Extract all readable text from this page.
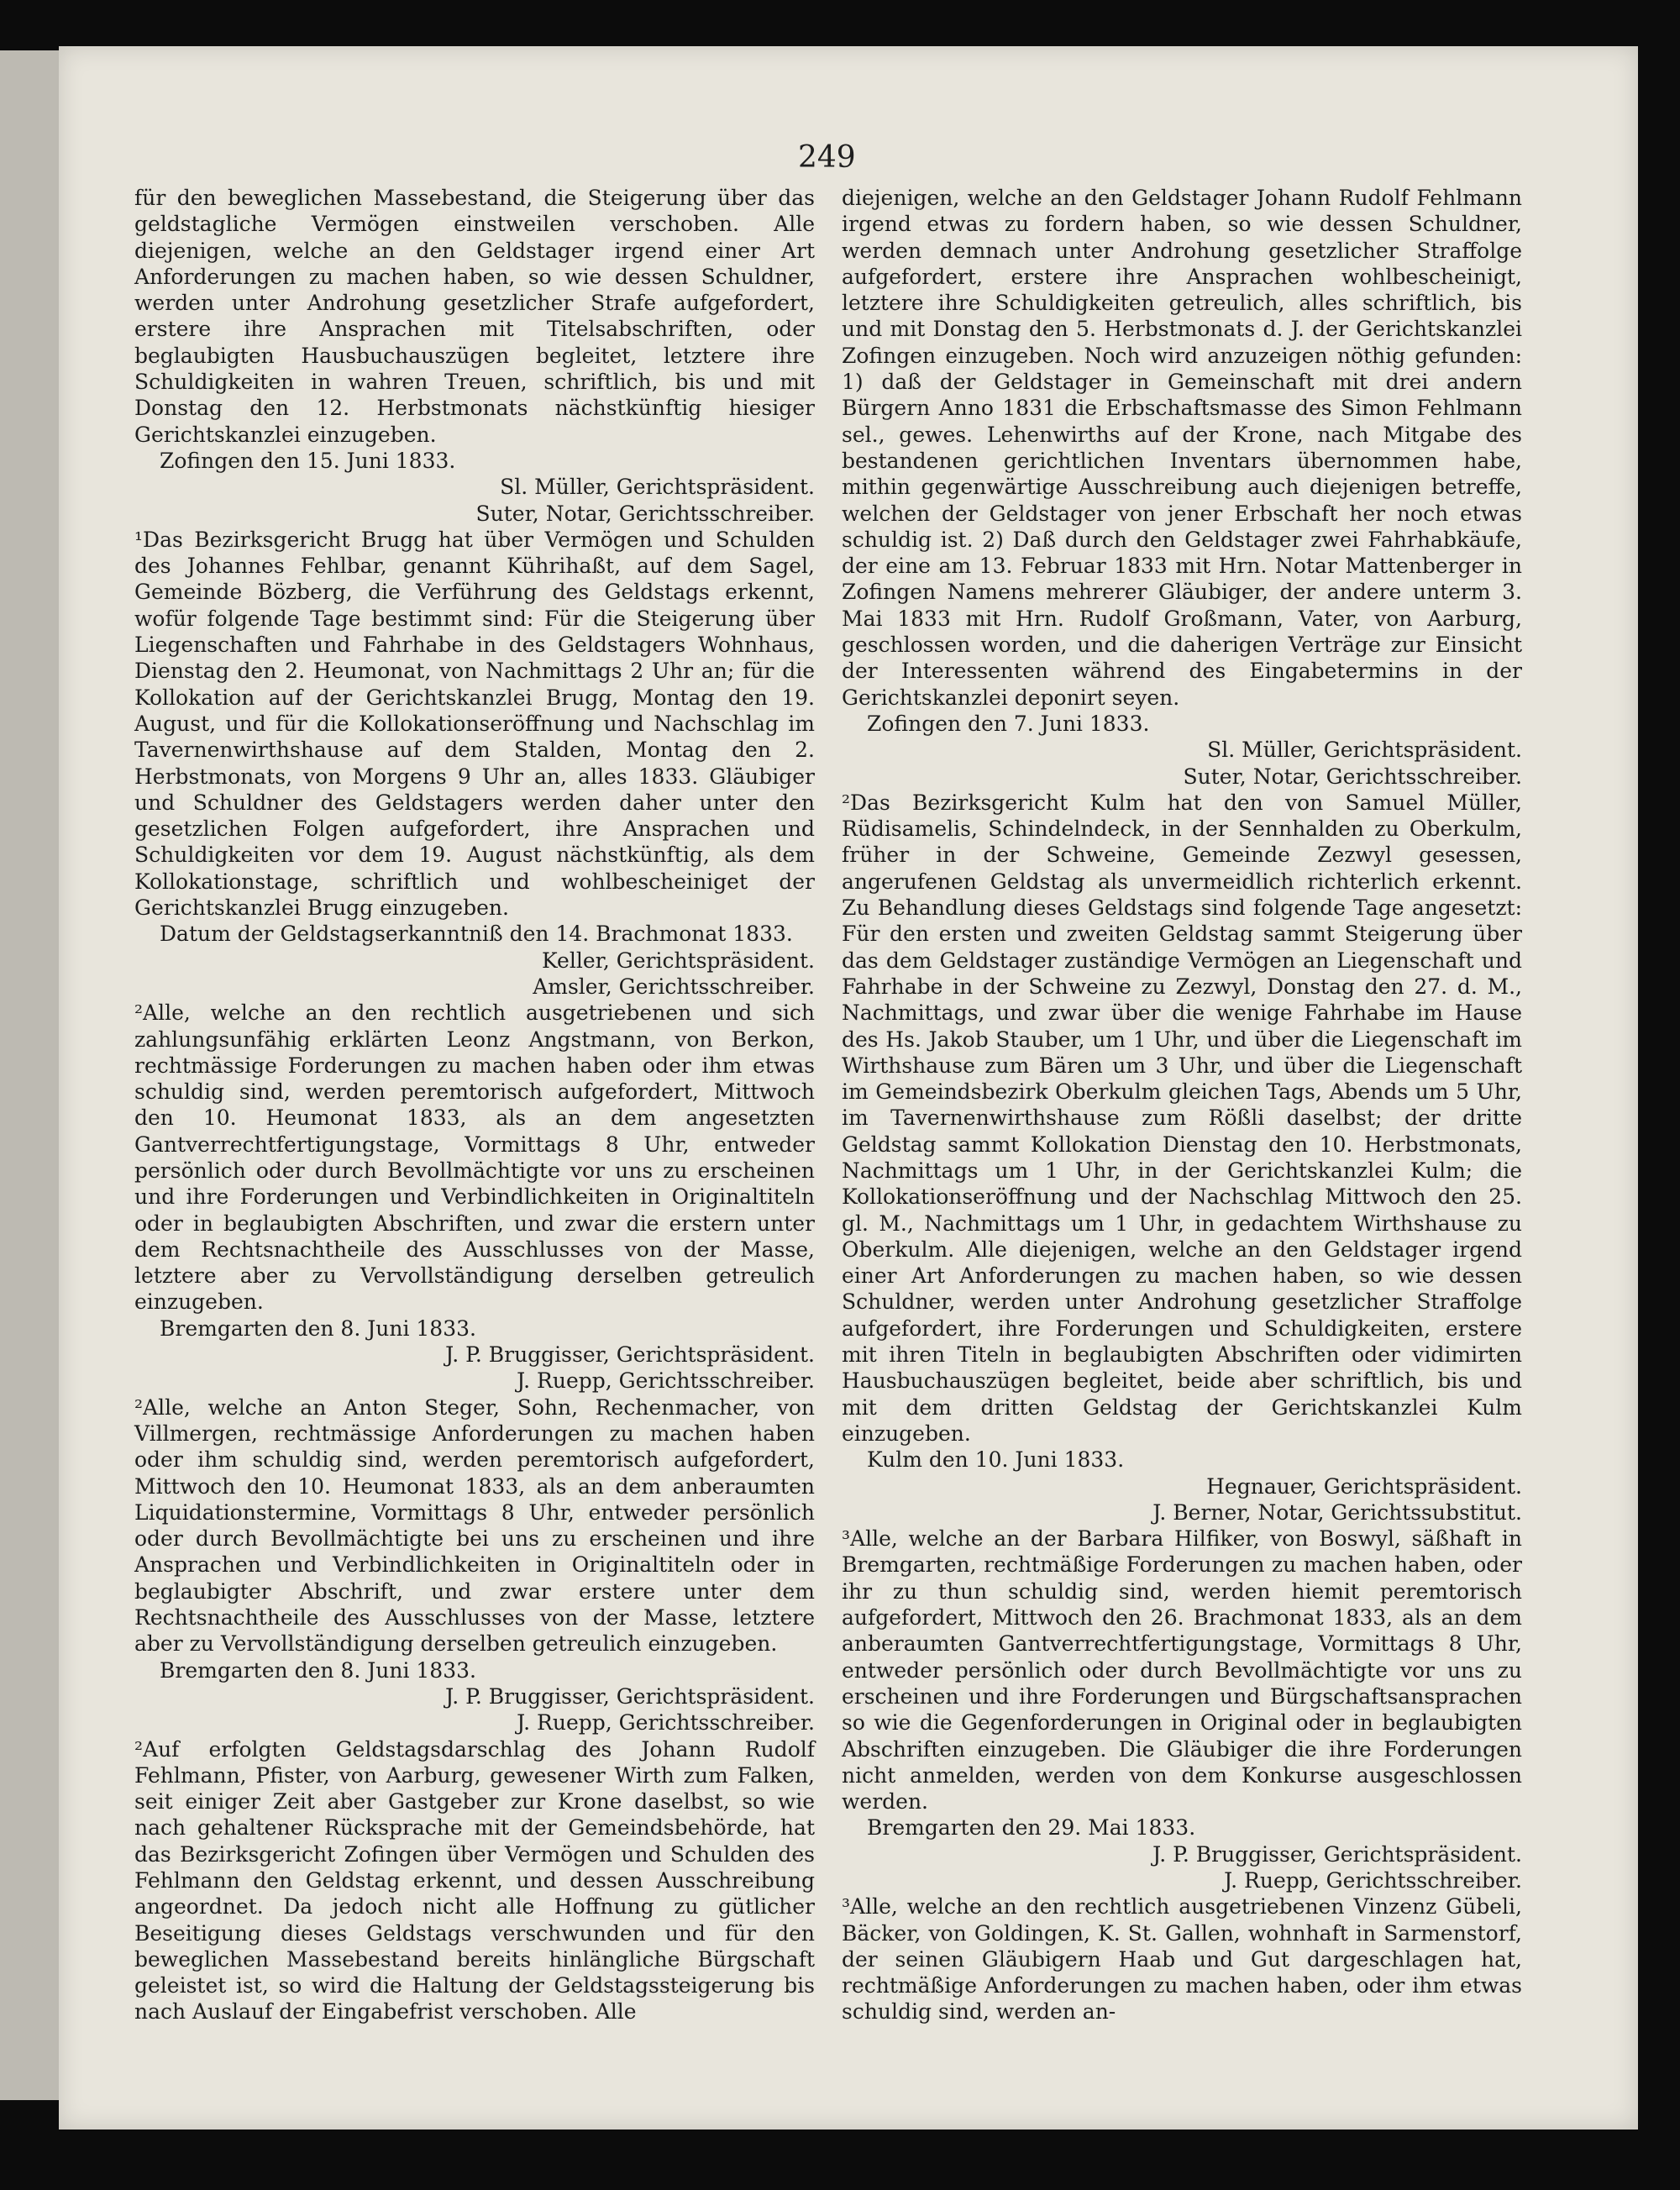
249

für den beweglichen Massebestand, die Steigerung über das geldstagliche Vermögen einstweilen verschoben. Alle diejenigen, welche an den Geldstager irgend einer Art Anforderungen zu machen haben, so wie dessen Schuldner, werden unter Androhung gesetzlicher Strafe aufgefordert, erstere ihre Ansprachen mit Titelsabschriften, oder beglaubigten Hausbuchauszügen begleitet, letztere ihre Schuldigkeiten in wahren Treuen, schriftlich, bis und mit Donstag den 12. Herbstmonats nächstkünftig hiesiger Gerichtskanzlei einzugeben.

Zofingen den 15. Juni 1833.

Sl. Müller, Gerichtspräsident.

Suter, Notar, Gerichtsschreiber.

¹Das Bezirksgericht Brugg hat über Vermögen und Schulden des Johannes Fehlbar, genannt Kührihaßt, auf dem Sagel, Gemeinde Bözberg, die Verführung des Geldstags erkennt, wofür folgende Tage bestimmt sind: Für die Steigerung über Liegenschaften und Fahrhabe in des Geldstagers Wohnhaus, Dienstag den 2. Heumonat, von Nachmittags 2 Uhr an; für die Kollokation auf der Gerichtskanzlei Brugg, Montag den 19. August, und für die Kollokationseröffnung und Nachschlag im Tavernenwirthshause auf dem Stalden, Montag den 2. Herbstmonats, von Morgens 9 Uhr an, alles 1833. Gläubiger und Schuldner des Geldstagers werden daher unter den gesetzlichen Folgen aufgefordert, ihre Ansprachen und Schuldigkeiten vor dem 19. August nächstkünftig, als dem Kollokationstage, schriftlich und wohlbescheiniget der Gerichtskanzlei Brugg einzugeben.

Datum der Geldstagserkanntniß den 14. Brachmonat 1833.

Keller, Gerichtspräsident.

Amsler, Gerichtsschreiber.

²Alle, welche an den rechtlich ausgetriebenen und sich zahlungsunfähig erklärten Leonz Angstmann, von Berkon, rechtmässige Forderungen zu machen haben oder ihm etwas schuldig sind, werden peremtorisch aufgefordert, Mittwoch den 10. Heumonat 1833, als an dem angesetzten Gantverrechtfertigungstage, Vormittags 8 Uhr, entweder persönlich oder durch Bevollmächtigte vor uns zu erscheinen und ihre Forderungen und Verbindlichkeiten in Originaltiteln oder in beglaubigten Abschriften, und zwar die erstern unter dem Rechtsnachtheile des Ausschlusses von der Masse, letztere aber zu Vervollständigung derselben getreulich einzugeben.

Bremgarten den 8. Juni 1833.

J. P. Bruggisser, Gerichtspräsident.

J. Ruepp, Gerichtsschreiber.

²Alle, welche an Anton Steger, Sohn, Rechenmacher, von Villmergen, rechtmässige Anforderungen zu machen haben oder ihm schuldig sind, werden peremtorisch aufgefordert, Mittwoch den 10. Heumonat 1833, als an dem anberaumten Liquidationstermine, Vormittags 8 Uhr, entweder persönlich oder durch Bevollmächtigte bei uns zu erscheinen und ihre Ansprachen und Verbindlichkeiten in Originaltiteln oder in beglaubigter Abschrift, und zwar erstere unter dem Rechtsnachtheile des Ausschlusses von der Masse, letztere aber zu Vervollständigung derselben getreulich einzugeben.

Bremgarten den 8. Juni 1833.

J. P. Bruggisser, Gerichtspräsident.

J. Ruepp, Gerichtsschreiber.

²Auf erfolgten Geldstagsdarschlag des Johann Rudolf Fehlmann, Pfister, von Aarburg, gewesener Wirth zum Falken, seit einiger Zeit aber Gastgeber zur Krone daselbst, so wie nach gehaltener Rücksprache mit der Gemeindsbehörde, hat das Bezirksgericht Zofingen über Vermögen und Schulden des Fehlmann den Geldstag erkennt, und dessen Ausschreibung angeordnet. Da jedoch nicht alle Hoffnung zu gütlicher Beseitigung dieses Geldstags verschwunden und für den beweglichen Massebestand bereits hinlängliche Bürgschaft geleistet ist, so wird die Haltung der Geldstagssteigerung bis nach Auslauf der Eingabefrist verschoben. Alle

diejenigen, welche an den Geldstager Johann Rudolf Fehlmann irgend etwas zu fordern haben, so wie dessen Schuldner, werden demnach unter Androhung gesetzlicher Straffolge aufgefordert, erstere ihre Ansprachen wohlbescheinigt, letztere ihre Schuldigkeiten getreulich, alles schriftlich, bis und mit Donstag den 5. Herbstmonats d. J. der Gerichtskanzlei Zofingen einzugeben. Noch wird anzuzeigen nöthig gefunden: 1) daß der Geldstager in Gemeinschaft mit drei andern Bürgern Anno 1831 die Erbschaftsmasse des Simon Fehlmann sel., gewes. Lehenwirths auf der Krone, nach Mitgabe des bestandenen gerichtlichen Inventars übernommen habe, mithin gegenwärtige Ausschreibung auch diejenigen betreffe, welchen der Geldstager von jener Erbschaft her noch etwas schuldig ist. 2) Daß durch den Geldstager zwei Fahrhabkäufe, der eine am 13. Februar 1833 mit Hrn. Notar Mattenberger in Zofingen Namens mehrerer Gläubiger, der andere unterm 3. Mai 1833 mit Hrn. Rudolf Großmann, Vater, von Aarburg, geschlossen worden, und die daherigen Verträge zur Einsicht der Interessenten während des Eingabetermins in der Gerichtskanzlei deponirt seyen.

Zofingen den 7. Juni 1833.

Sl. Müller, Gerichtspräsident.

Suter, Notar, Gerichtsschreiber.

²Das Bezirksgericht Kulm hat den von Samuel Müller, Rüdisamelis, Schindelndeck, in der Sennhalden zu Oberkulm, früher in der Schweine, Gemeinde Zezwyl gesessen, angerufenen Geldstag als unvermeidlich richterlich erkennt. Zu Behandlung dieses Geldstags sind folgende Tage angesetzt: Für den ersten und zweiten Geldstag sammt Steigerung über das dem Geldstager zuständige Vermögen an Liegenschaft und Fahrhabe in der Schweine zu Zezwyl, Donstag den 27. d. M., Nachmittags, und zwar über die wenige Fahrhabe im Hause des Hs. Jakob Stauber, um 1 Uhr, und über die Liegenschaft im Wirthshause zum Bären um 3 Uhr, und über die Liegenschaft im Gemeindsbezirk Oberkulm gleichen Tags, Abends um 5 Uhr, im Tavernenwirthshause zum Rößli daselbst; der dritte Geldstag sammt Kollokation Dienstag den 10. Herbstmonats, Nachmittags um 1 Uhr, in der Gerichtskanzlei Kulm; die Kollokationseröffnung und der Nachschlag Mittwoch den 25. gl. M., Nachmittags um 1 Uhr, in gedachtem Wirthshause zu Oberkulm. Alle diejenigen, welche an den Geldstager irgend einer Art Anforderungen zu machen haben, so wie dessen Schuldner, werden unter Androhung gesetzlicher Straffolge aufgefordert, ihre Forderungen und Schuldigkeiten, erstere mit ihren Titeln in beglaubigten Abschriften oder vidimirten Hausbuchauszügen begleitet, beide aber schriftlich, bis und mit dem dritten Geldstag der Gerichtskanzlei Kulm einzugeben.

Kulm den 10. Juni 1833.

Hegnauer, Gerichtspräsident.

J. Berner, Notar, Gerichtssubstitut.

³Alle, welche an der Barbara Hilfiker, von Boswyl, säßhaft in Bremgarten, rechtmäßige Forderungen zu machen haben, oder ihr zu thun schuldig sind, werden hiemit peremtorisch aufgefordert, Mittwoch den 26. Brachmonat 1833, als an dem anberaumten Gantverrechtfertigungstage, Vormittags 8 Uhr, entweder persönlich oder durch Bevollmächtigte vor uns zu erscheinen und ihre Forderungen und Bürgschaftsansprachen so wie die Gegenforderungen in Original oder in beglaubigten Abschriften einzugeben. Die Gläubiger die ihre Forderungen nicht anmelden, werden von dem Konkurse ausgeschlossen werden.

Bremgarten den 29. Mai 1833.

J. P. Bruggisser, Gerichtspräsident.

J. Ruepp, Gerichtsschreiber.

³Alle, welche an den rechtlich ausgetriebenen Vinzenz Gübeli, Bäcker, von Goldingen, K. St. Gallen, wohnhaft in Sarmenstorf, der seinen Gläubigern Haab und Gut dargeschlagen hat, rechtmäßige Anforderungen zu machen haben, oder ihm etwas schuldig sind, werden an-
